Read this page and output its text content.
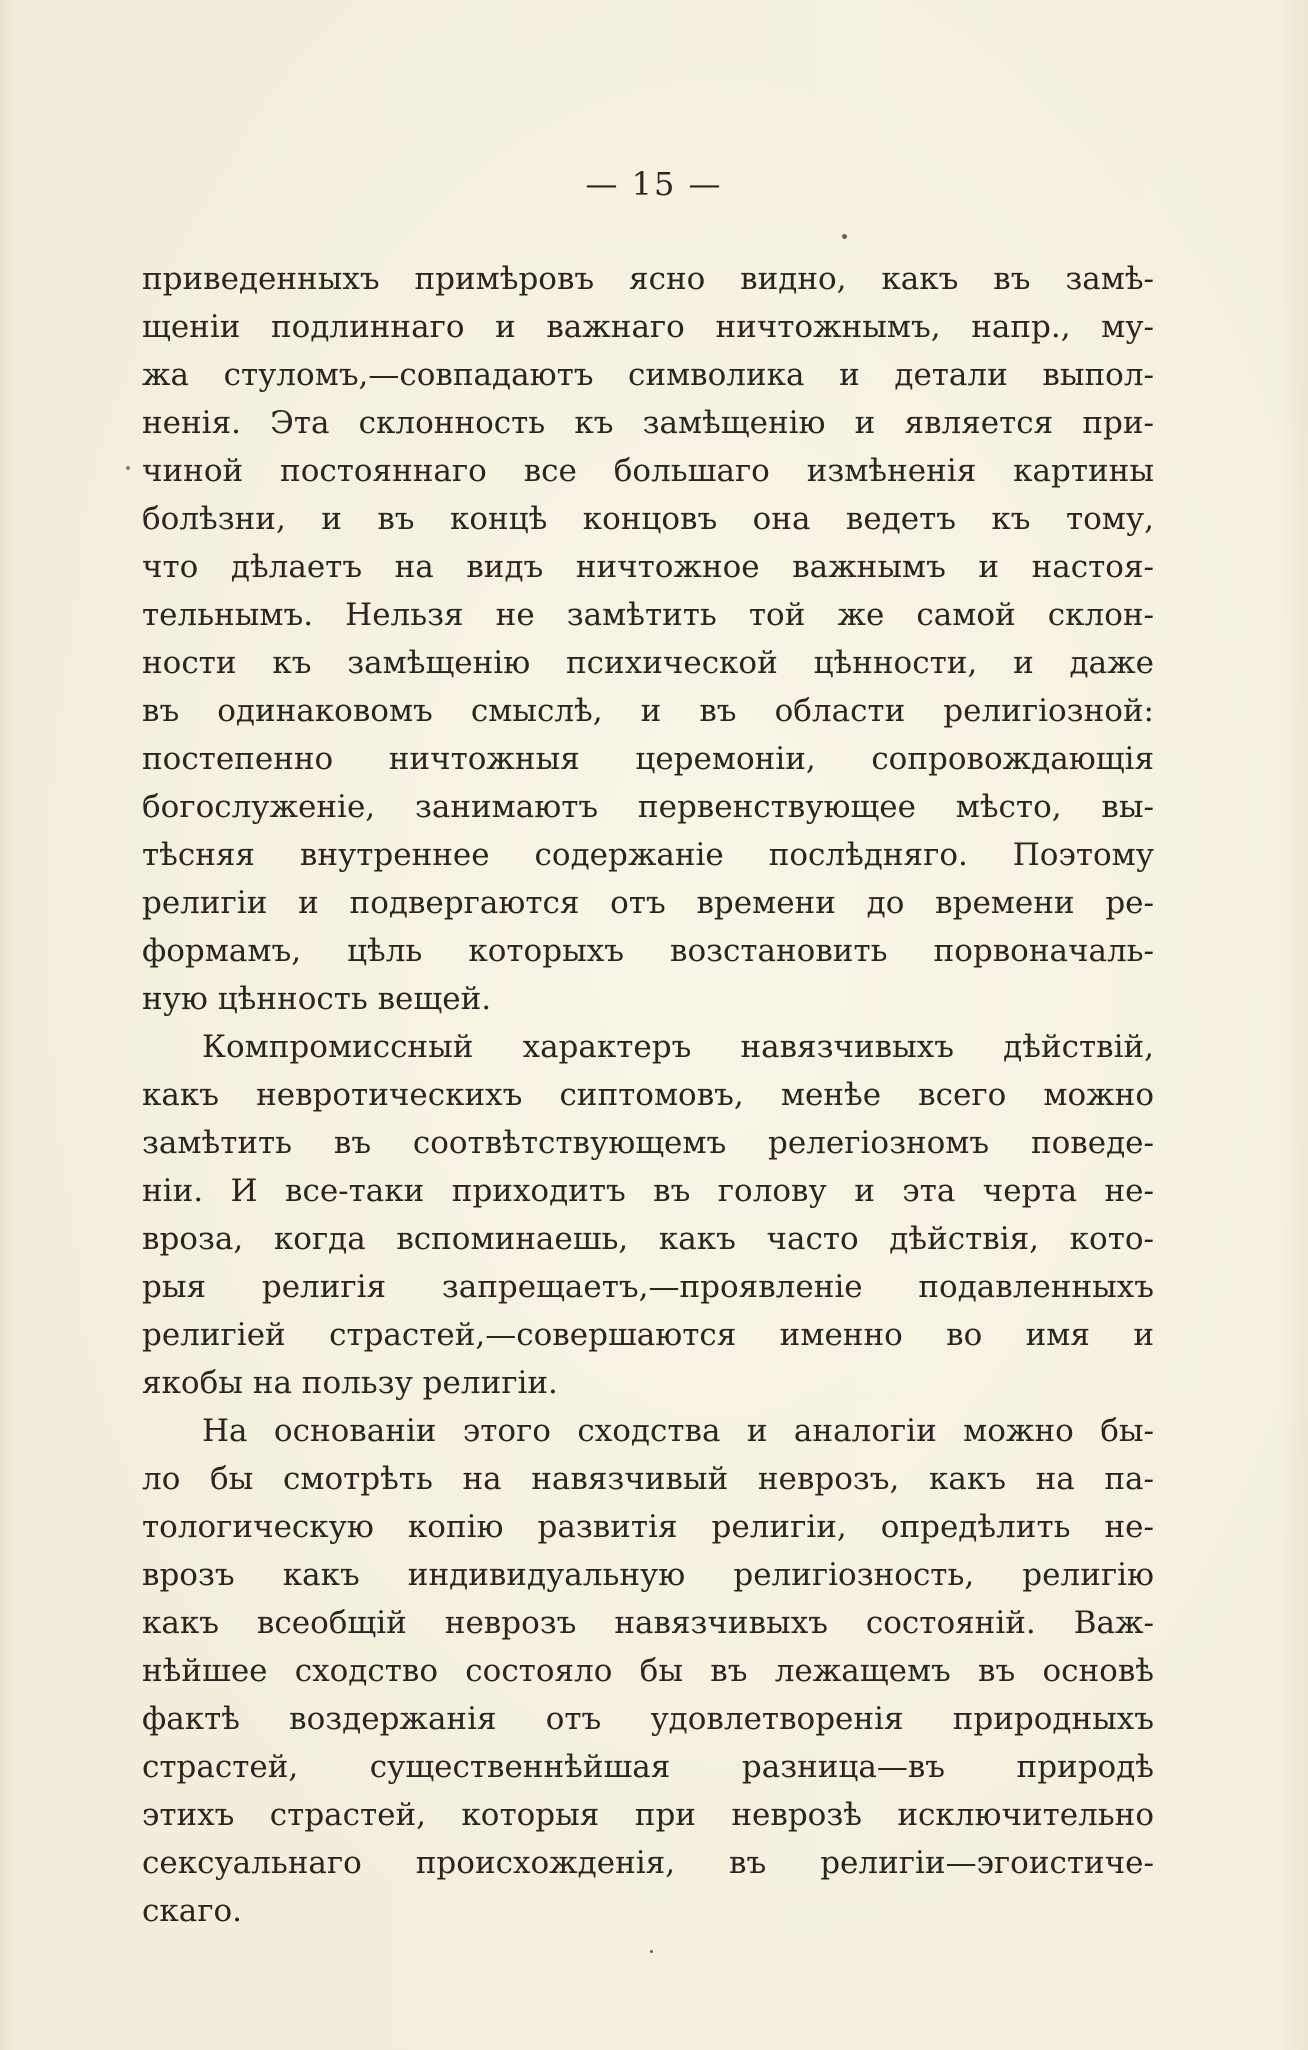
— 15 —
приведенныхъ примѣровъ ясно видно, какъ въ замѣ-
щеніи подлиннаго и важнаго ничтожнымъ, напр., му-
жа стуломъ,—совпадаютъ символика и детали выпол-
ненія. Эта склонность къ замѣщенію и является при-
чиной постояннаго все большаго измѣненія картины
болѣзни, и въ концѣ концовъ она ведетъ къ тому,
что дѣлаетъ на видъ ничтожное важнымъ и настоя-
тельнымъ. Нельзя не замѣтить той же самой склон-
ности къ замѣщенію психической цѣнности, и даже
въ одинаковомъ смыслѣ, и въ области религіозной:
постепенно ничтожныя церемоніи, сопровождающія
богослуженіе, занимаютъ первенствующее мѣсто, вы-
тѣсняя внутреннее содержаніе послѣдняго. Поэтому
религіи и подвергаются отъ времени до времени ре-
формамъ, цѣль которыхъ возстановить порвоначаль-
ную цѣнность вещей.
Компромиссный характеръ навязчивыхъ дѣйствій,
какъ невротическихъ сиптомовъ, менѣе всего можно
замѣтить въ соотвѣтствующемъ релегіозномъ поведе-
ніи. И все-таки приходитъ въ голову и эта черта не-
вроза, когда вспоминаешь, какъ часто дѣйствія, кото-
рыя религія запрещаетъ,—проявленіе подавленныхъ
религіей страстей,—совершаются именно во имя и
якобы на пользу религіи.
На основаніи этого сходства и аналогіи можно бы-
ло бы смотрѣть на навязчивый неврозъ, какъ на па-
тологическую копію развитія религіи, опредѣлить не-
врозъ какъ индивидуальную религіозность, религію
какъ всеобщій неврозъ навязчивыхъ состояній. Важ-
нѣйшее сходство состояло бы въ лежащемъ въ основѣ
фактѣ воздержанія отъ удовлетворенія природныхъ
страстей, существеннѣйшая разница—въ природѣ
этихъ страстей, которыя при неврозѣ исключительно
сексуальнаго происхожденія, въ религіи—эгоистиче-
скаго.
